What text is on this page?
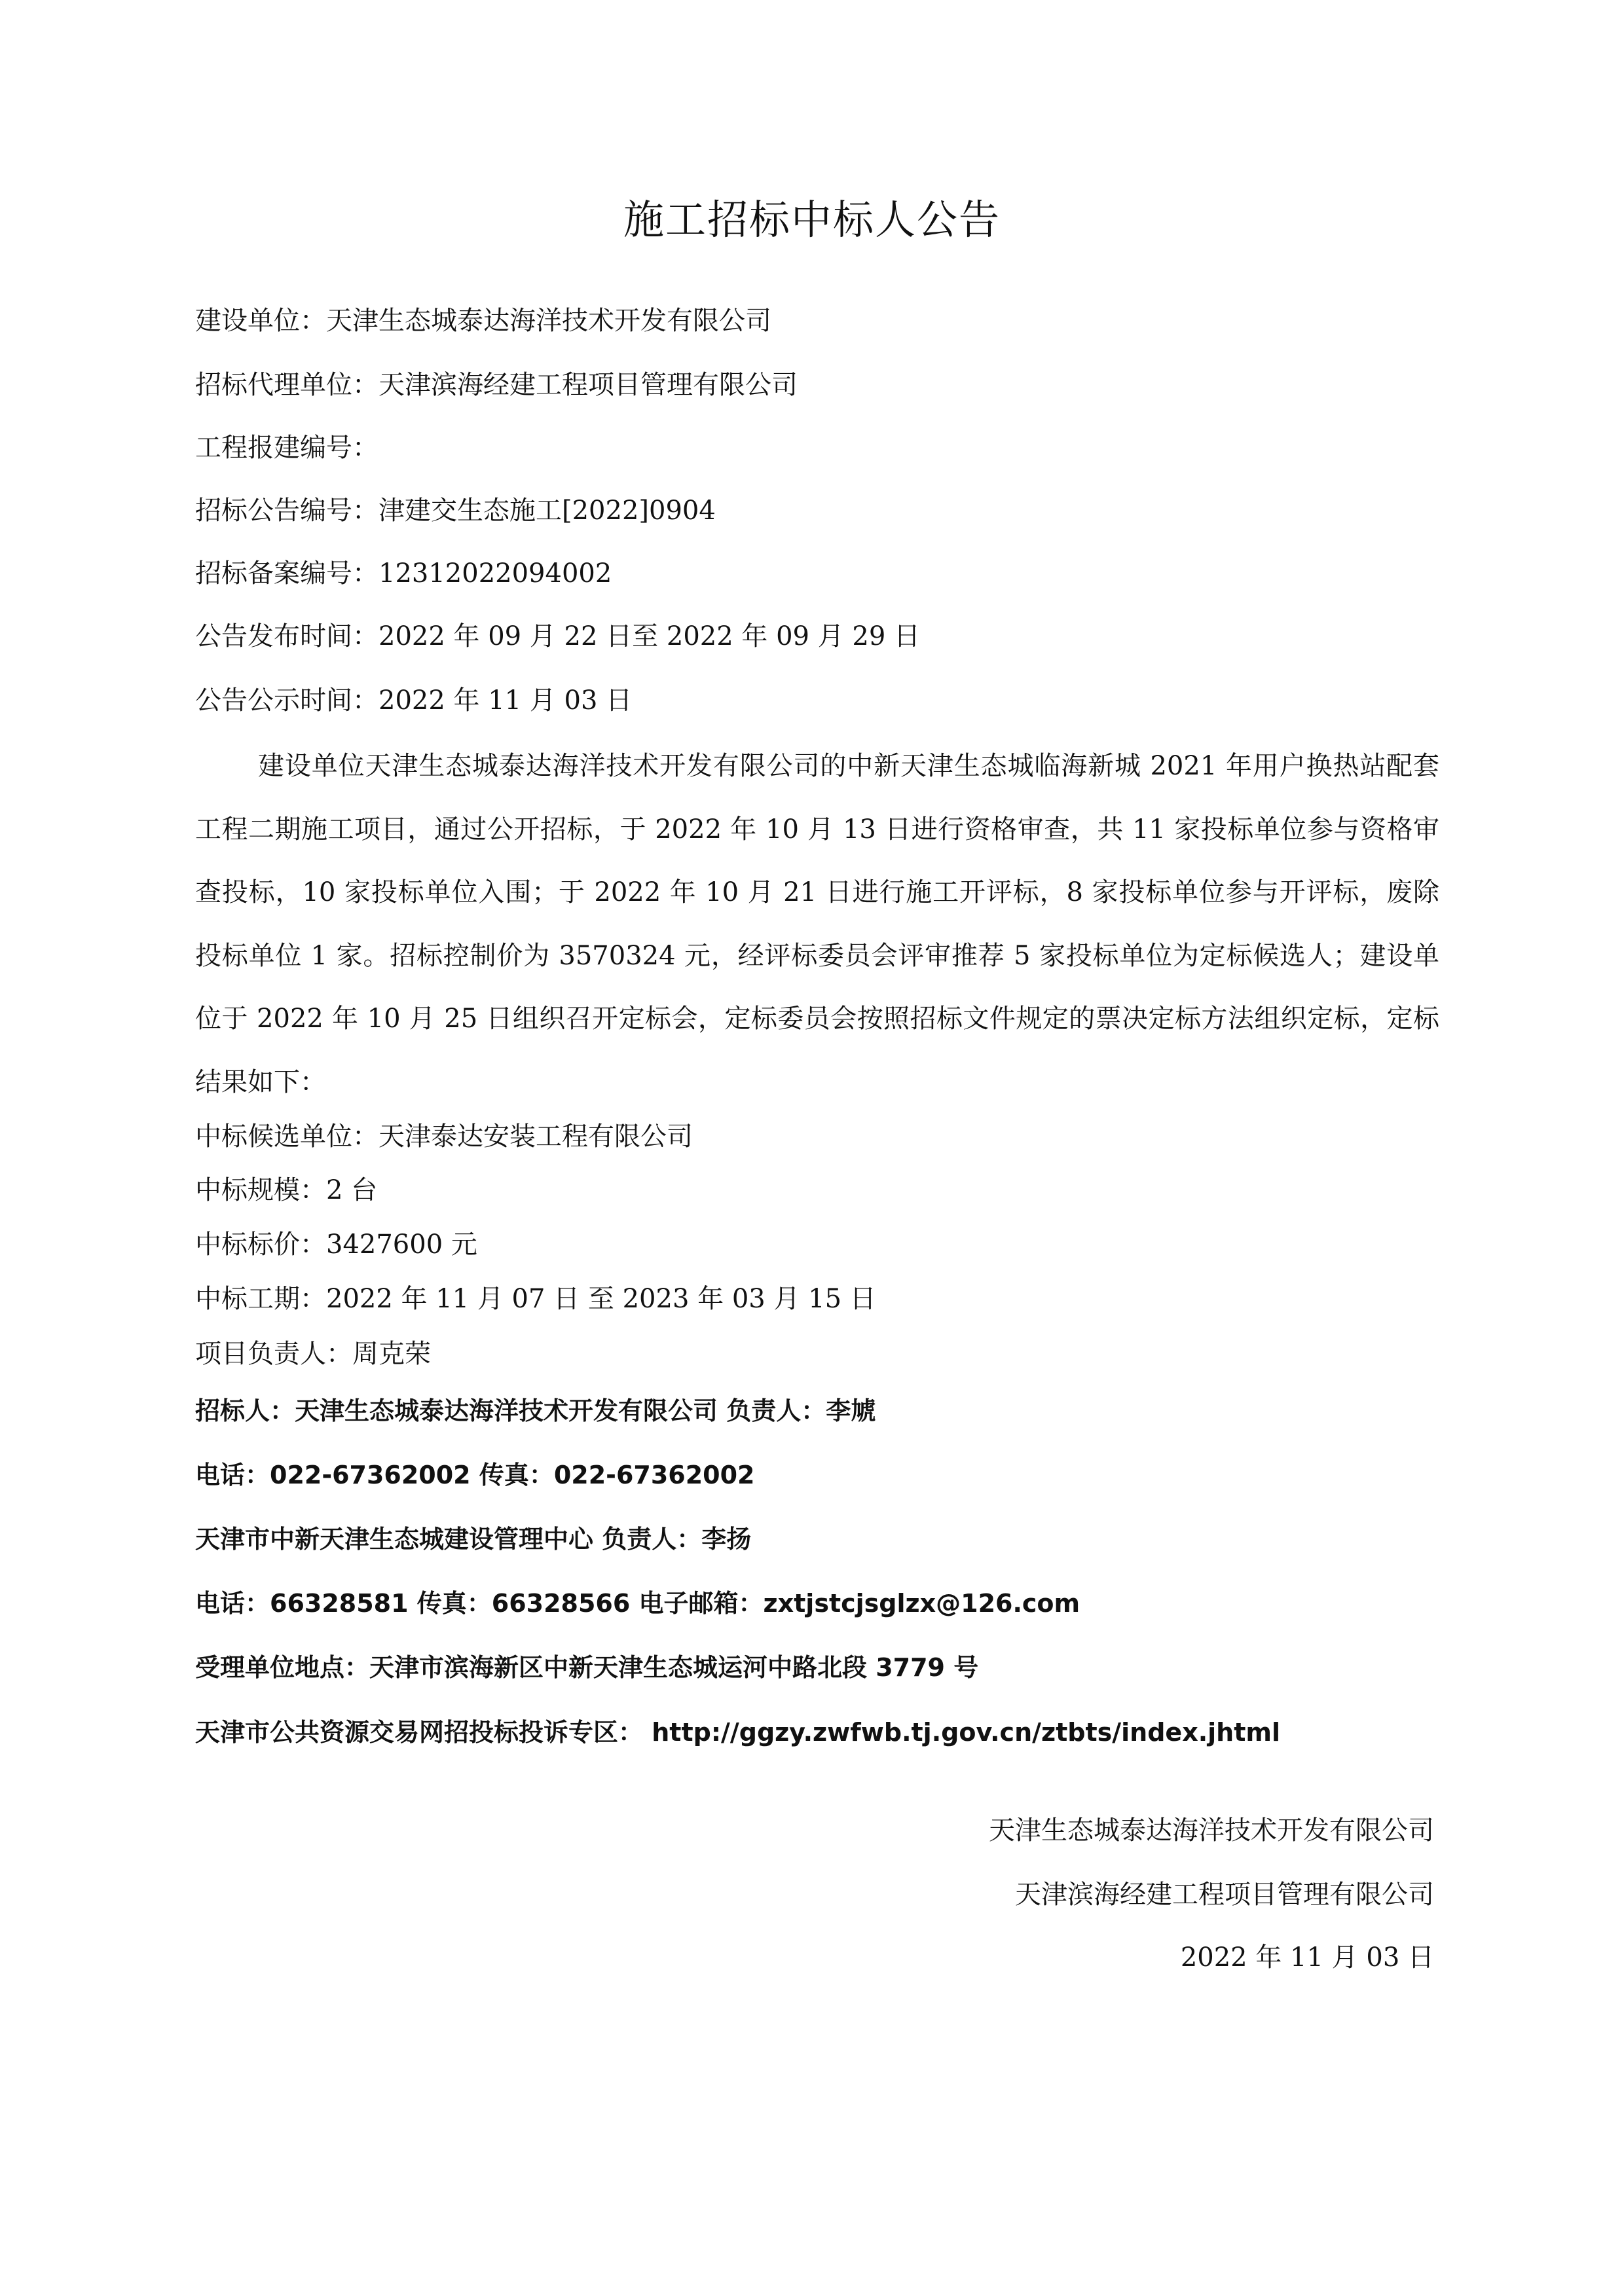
施工招标中标人公告
建设单位：天津生态城泰达海洋技术开发有限公司
招标代理单位：天津滨海经建工程项目管理有限公司
工程报建编号：
招标公告编号：津建交生态施工[2022]0904
招标备案编号：12312022094002
公告发布时间：2022 年 09 月 22 日至 2022 年 09 月 29 日
公告公示时间：2022 年 11 月 03 日
建设单位天津生态城泰达海洋技术开发有限公司的中新天津生态城临海新城 2021 年用户换热站配套工程二期施工项目，通过公开招标，于 2022 年 10 月 13 日进行资格审查，共 11 家投标单位参与资格审查投标，10 家投标单位入围；于 2022 年 10 月 21 日进行施工开评标，8 家投标单位参与开评标，废除投标单位 1 家。招标控制价为 3570324 元，经评标委员会评审推荐 5 家投标单位为定标候选人；建设单位于 2022 年 10 月 25 日组织召开定标会，定标委员会按照招标文件规定的票决定标方法组织定标，定标结果如下：
中标候选单位：天津泰达安装工程有限公司
中标规模：2 台
中标标价：3427600 元
中标工期：2022 年 11 月 07 日 至 2023 年 03 月 15 日
项目负责人：周克荣
招标人：天津生态城泰达海洋技术开发有限公司 负责人：李虓
电话：022-67362002 传真：022-67362002
天津市中新天津生态城建设管理中心 负责人：李扬
电话：66328581 传真：66328566 电子邮箱：zxtjstcjsglzx@126.com
受理单位地点：天津市滨海新区中新天津生态城运河中路北段 3779 号
天津市公共资源交易网招投标投诉专区： http://ggzy.zwfwb.tj.gov.cn/ztbts/index.jhtml
天津生态城泰达海洋技术开发有限公司
天津滨海经建工程项目管理有限公司
2022 年 11 月 03 日
